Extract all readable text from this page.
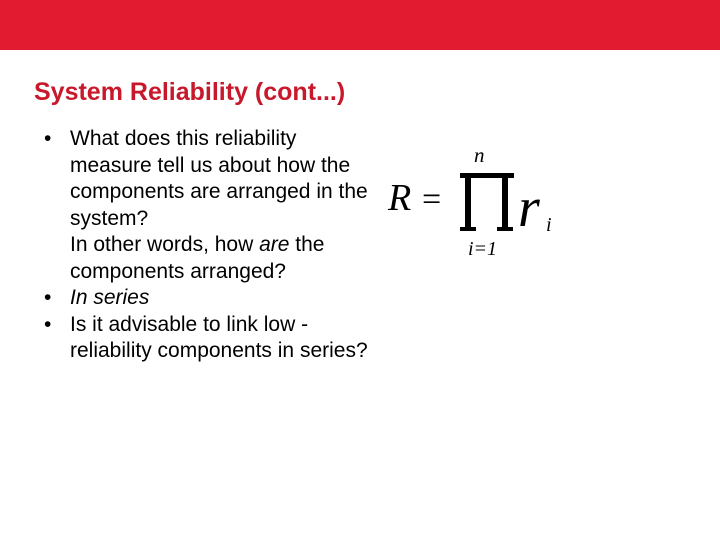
System Reliability (cont...)
• What does this reliability measure tell us about how the components are arranged in the system?
In other words, how are the components arranged?
• In series
• Is it advisable to link low -reliability components in series?
R =
n
i=1
r i
